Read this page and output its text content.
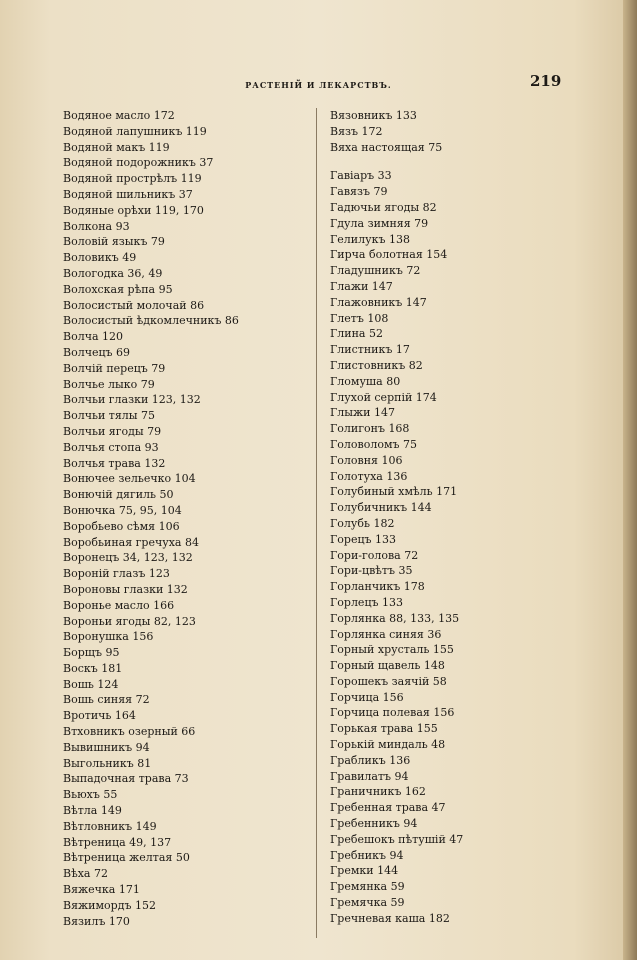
РАСТЕНIЙ И ЛЕКАРСТВЪ.	219
Водяное масло 172
Водяной лапушникъ 119
Водяной макъ 119
Водяной подорожникъ 37
Водяной прострѣлъ 119
Водяной шильникъ 37
Водяные орѣхи 119, 170
Волкона 93
Воловiй языкъ 79
Воловикъ 49
Вологодка 36, 49
Волохская рѣпа 95
Волосистый молочай 86
Волосистый ѣдкомлечникъ 86
Волча 120
Волчецъ 69
Волчiй перецъ 79
Волчье лыко 79
Волчьи глазки 123, 132
Волчьи тялы 75
Волчьи ягоды 79
Волчья стопа 93
Волчья трава 132
Вонючее зельечко 104
Вонючiй дягиль 50
Вонючка 75, 95, 104
Воробьево сѣмя 106
Воробьиная гречуха 84
Воронецъ 34, 123, 132
Воронiй глазъ 123
Вороновы глазки 132
Воронье масло 166
Вороньи ягоды 82, 123
Воронушка 156
Борщъ 95
Воскъ 181
Вошь 124
Вошь синяя 72
Вротичь 164
Втховникъ озерный 66
Вывишникъ 94
Выгольникъ 81
Выпадочная трава 73
Вьюхъ 55
Вѣтла 149
Вѣтловникъ 149
Вѣтреница 49, 137
Вѣтреница желтая 50
Вѣха 72
Вяжечка 171
Вяжимордъ 152
Вязилъ 170
Вязовникъ 133
Вязъ 172
Вяха настоящая 75
Гавiаръ 33
Гавязъ 79
Гадючьи ягоды 82
Гдула зимняя 79
Гелилукъ 138
Гирча болотная 154
Гладушникъ 72
Глажи 147
Глажовникъ 147
Глетъ 108
Глина 52
Глистникъ 17
Глистовникъ 82
Гломуша 80
Глухой серпiй 174
Глыжи 147
Голигонъ 168
Головоломъ 75
Головня 106
Голотуха 136
Голубиный хмѣль 171
Голубичникъ 144
Голубь 182
Горецъ 133
Гори-голова 72
Гори-цвѣтъ 35
Горланчикъ 178
Горлецъ 133
Горлянка 88, 133, 135
Горлянка синяя 36
Горный хрусталь 155
Горный щавель 148
Горошекъ заячiй 58
Горчица 156
Горчица полевая 156
Горькая трава 155
Горькiй миндаль 48
Грабликъ 136
Гравилатъ 94
Граничникъ 162
Гребенная трава 47
Гребенникъ 94
Гребешокъ пѣтушiй 47
Гребникъ 94
Гремки 144
Гремянка 59
Гремячка 59
Гречневая каша 182
